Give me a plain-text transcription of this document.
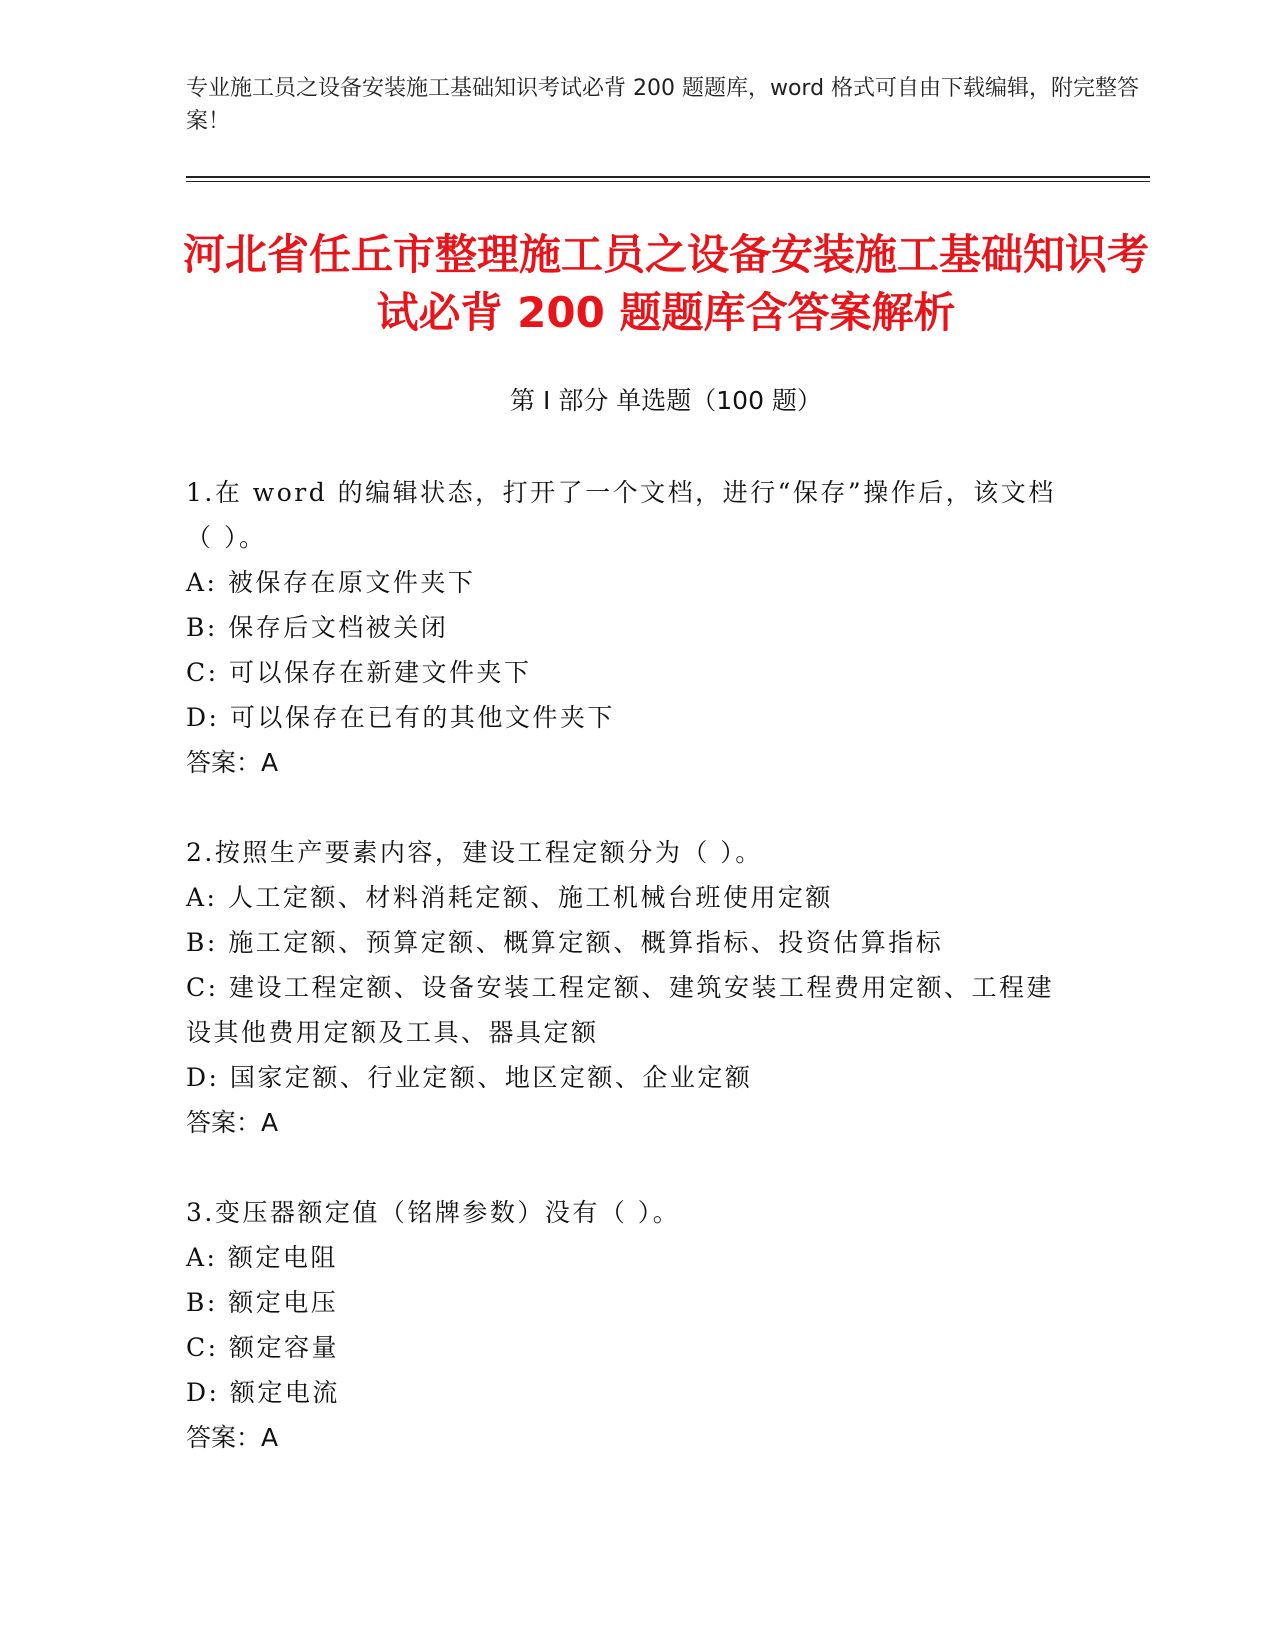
专业施工员之设备安装施工基础知识考试必背 200 题题库，word 格式可自由下载编辑，附完整答案！
河北省任丘市整理施工员之设备安装施工基础知识考试必背 200 题题库含答案解析
第 I 部分 单选题（100 题）
1.在 word 的编辑状态，打开了一个文档，进行“保存”操作后，该文档（ ）。
A: 被保存在原文件夹下
B: 保存后文档被关闭
C: 可以保存在新建文件夹下
D: 可以保存在已有的其他文件夹下
答案：A
2.按照生产要素内容，建设工程定额分为（ ）。
A: 人工定额、材料消耗定额、施工机械台班使用定额
B: 施工定额、预算定额、概算定额、概算指标、投资估算指标
C: 建设工程定额、设备安装工程定额、建筑安装工程费用定额、工程建设其他费用定额及工具、器具定额
D: 国家定额、行业定额、地区定额、企业定额
答案：A
3.变压器额定值（铭牌参数）没有（ ）。
A: 额定电阻
B: 额定电压
C: 额定容量
D: 额定电流
答案：A
